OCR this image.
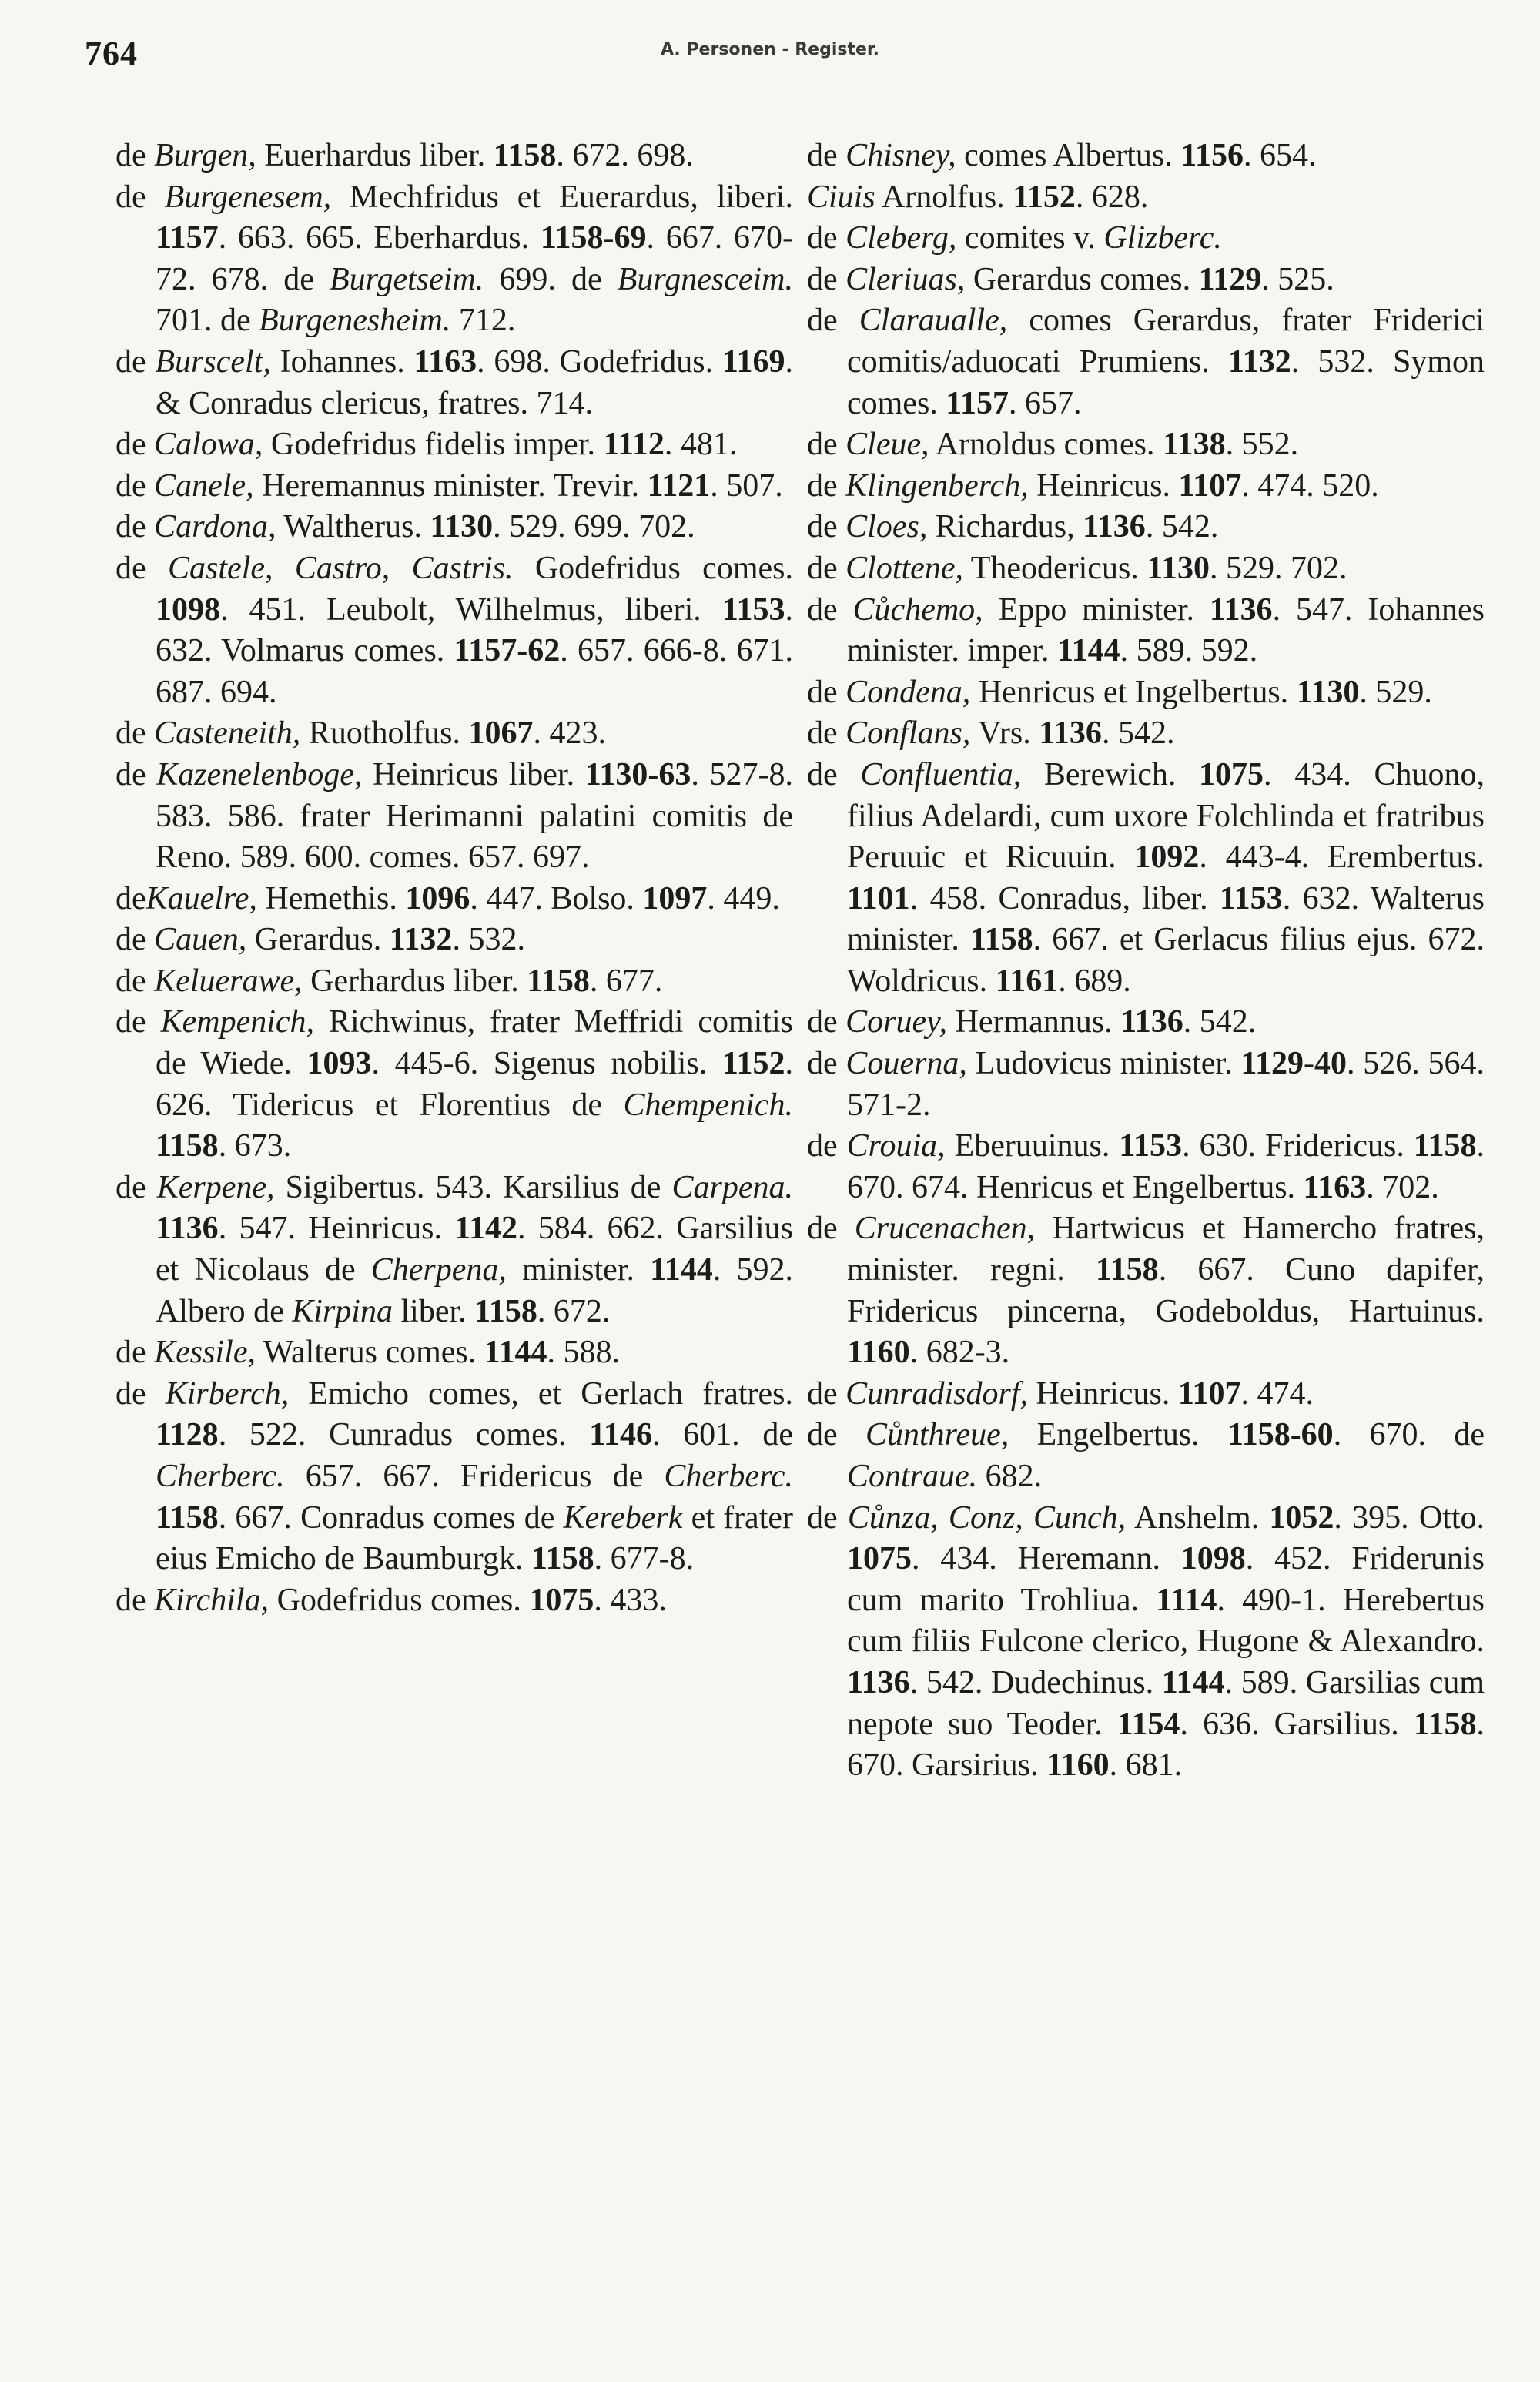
764	A. Personen - Register.

de Burgen, Euerhardus liber. 1158. 672. 698.

de Burgenesem, Mechfridus et Euerardus, liberi. 1157. 663. 665. Eberhardus. 1158-69. 667. 670-72. 678. de Burgetseim. 699. de Burgnesceim. 701. de Burgenesheim. 712.

de Burscelt, Iohannes. 1163. 698. Godefridus. 1169. & Conradus clericus, fratres. 714.

de Calowa, Godefridus fidelis imper. 1112. 481.

de Canele, Heremannus minister. Trevir. 1121. 507.

de Cardona, Waltherus. 1130. 529. 699. 702.

de Castele, Castro, Castris. Godefridus comes. 1098. 451. Leubolt, Wilhelmus, liberi. 1153. 632. Volmarus comes. 1157-62. 657. 666-8. 671. 687. 694.

de Casteneith, Ruotholfus. 1067. 423.

de Kazenelenboge, Heinricus liber. 1130-63. 527-8. 583. 586. frater Herimanni palatini comitis de Reno. 589. 600. comes. 657. 697.

deKauelre, Hemethis. 1096. 447. Bolso. 1097. 449.

de Cauen, Gerardus. 1132. 532.

de Keluerawe, Gerhardus liber. 1158. 677.

de Kempenich, Richwinus, frater Meffridi comitis de Wiede. 1093. 445-6. Sigenus nobilis. 1152. 626. Tidericus et Florentius de Chempenich. 1158. 673.

de Kerpene, Sigibertus. 543. Karsilius de Carpena. 1136. 547. Heinricus. 1142. 584. 662. Garsilius et Nicolaus de Cherpena, minister. 1144. 592. Albero de Kirpina liber. 1158. 672.

de Kessile, Walterus comes. 1144. 588.

de Kirberch, Emicho comes, et Gerlach fratres. 1128. 522. Cunradus comes. 1146. 601. de Cherberc. 657. 667. Fridericus de Cherberc. 1158. 667. Conradus comes de Kereberk et frater eius Emicho de Baumburgk. 1158. 677-8.

de Kirchila, Godefridus comes. 1075. 433.

de Chisney, comes Albertus. 1156. 654.

Ciuis Arnolfus. 1152. 628.

de Cleberg, comites v. Glizberc.

de Cleriuas, Gerardus comes. 1129. 525.

de Claraualle, comes Gerardus, frater Friderici comitis/aduocati Prumiens. 1132. 532. Symon comes. 1157. 657.

de Cleue, Arnoldus comes. 1138. 552.

de Klingenberch, Heinricus. 1107. 474. 520.

de Cloes, Richardus, 1136. 542.

de Clottene, Theodericus. 1130. 529. 702.

de Cůchemo, Eppo minister. 1136. 547. Iohannes minister. imper. 1144. 589. 592.

de Condena, Henricus et Ingelbertus. 1130. 529.

de Conflans, Vrs. 1136. 542.

de Confluentia, Berewich. 1075. 434. Chuono, filius Adelardi, cum uxore Folchlinda et fratribus Peruuic et Ricuuin. 1092. 443-4. Erembertus. 1101. 458. Conradus, liber. 1153. 632. Walterus minister. 1158. 667. et Gerlacus filius ejus. 672. Woldricus. 1161. 689.

de Coruey, Hermannus. 1136. 542.

de Couerna, Ludovicus minister. 1129-40. 526. 564. 571-2.

de Crouia, Eberuuinus. 1153. 630. Fridericus. 1158. 670. 674. Henricus et Engelbertus. 1163. 702.

de Crucenachen, Hartwicus et Hamercho fratres, minister. regni. 1158. 667. Cuno dapifer, Fridericus pincerna, Godeboldus, Hartuinus. 1160. 682-3.

de Cunradisdorf, Heinricus. 1107. 474.

de Cůnthreue, Engelbertus. 1158-60. 670. de Contraue. 682.

de Cůnza, Conz, Cunch, Anshelm. 1052. 395. Otto. 1075. 434. Heremann. 1098. 452. Friderunis cum marito Trohliua. 1114. 490-1. Herebertus cum filiis Fulcone clerico, Hugone & Alexandro. 1136. 542. Dudechinus. 1144. 589. Garsilias cum nepote suo Teoder. 1154. 636. Garsilius. 1158. 670. Garsirius. 1160. 681.
